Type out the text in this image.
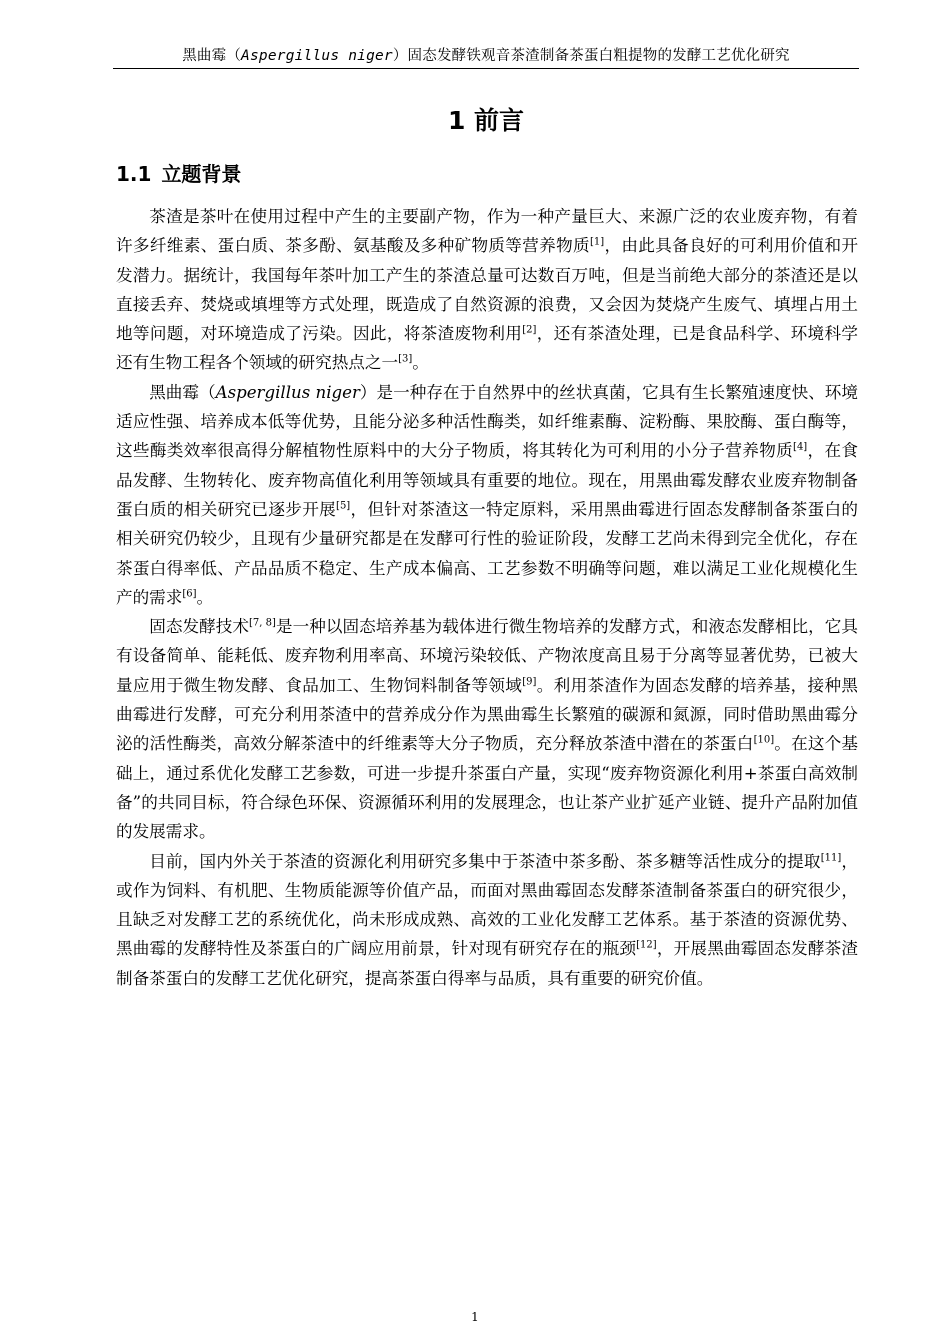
黑曲霉（Aspergillus niger）固态发酵铁观音茶渣制备茶蛋白粗提物的发酵工艺优化研究
1 前言
1.1 立题背景

茶渣是茶叶在使用过程中产生的主要副产物，作为一种产量巨大、来源广泛的农业废弃物，有着许多纤维素、蛋白质、茶多酚、氨基酸及多种矿物质等营养物质[1]，由此具备良好的可利用价值和开发潜力。据统计，我国每年茶叶加工产生的茶渣总量可达数百万吨，但是当前绝大部分的茶渣还是以直接丢弃、焚烧或填埋等方式处理，既造成了自然资源的浪费，又会因为焚烧产生废气、填埋占用土地等问题，对环境造成了污染。因此，将茶渣废物利用[2]，还有茶渣处理，已是食品科学、环境科学还有生物工程各个领域的研究热点之一[3]。

黑曲霉（Aspergillus niger）是一种存在于自然界中的丝状真菌，它具有生长繁殖速度快、环境适应性强、培养成本低等优势，且能分泌多种活性酶类，如纤维素酶、淀粉酶、果胶酶、蛋白酶等，这些酶类效率很高得分解植物性原料中的大分子物质，将其转化为可利用的小分子营养物质[4]，在食品发酵、生物转化、废弃物高值化利用等领域具有重要的地位。现在，用黑曲霉发酵农业废弃物制备蛋白质的相关研究已逐步开展[5]，但针对茶渣这一特定原料，采用黑曲霉进行固态发酵制备茶蛋白的相关研究仍较少，且现有少量研究都是在发酵可行性的验证阶段，发酵工艺尚未得到完全优化，存在茶蛋白得率低、产品品质不稳定、生产成本偏高、工艺参数不明确等问题，难以满足工业化规模化生产的需求[6]。

固态发酵技术[7, 8]是一种以固态培养基为载体进行微生物培养的发酵方式，和液态发酵相比，它具有设备简单、能耗低、废弃物利用率高、环境污染较低、产物浓度高且易于分离等显著优势，已被大量应用于微生物发酵、食品加工、生物饲料制备等领域[9]。利用茶渣作为固态发酵的培养基，接种黑曲霉进行发酵，可充分利用茶渣中的营养成分作为黑曲霉生长繁殖的碳源和氮源，同时借助黑曲霉分泌的活性酶类，高效分解茶渣中的纤维素等大分子物质，充分释放茶渣中潜在的茶蛋白[10]。在这个基础上，通过系优化发酵工艺参数，可进一步提升茶蛋白产量，实现“废弃物资源化利用+茶蛋白高效制备”的共同目标，符合绿色环保、资源循环利用的发展理念，也让茶产业扩延产业链、提升产品附加值的发展需求。

目前，国内外关于茶渣的资源化利用研究多集中于茶渣中茶多酚、茶多糖等活性成分的提取[11]，或作为饲料、有机肥、生物质能源等价值产品，而面对黑曲霉固态发酵茶渣制备茶蛋白的研究很少，且缺乏对发酵工艺的系统优化，尚未形成成熟、高效的工业化发酵工艺体系。基于茶渣的资源优势、黑曲霉的发酵特性及茶蛋白的广阔应用前景，针对现有研究存在的瓶颈[12]，开展黑曲霉固态发酵茶渣制备茶蛋白的发酵工艺优化研究，提高茶蛋白得率与品质，具有重要的研究价值。

1
